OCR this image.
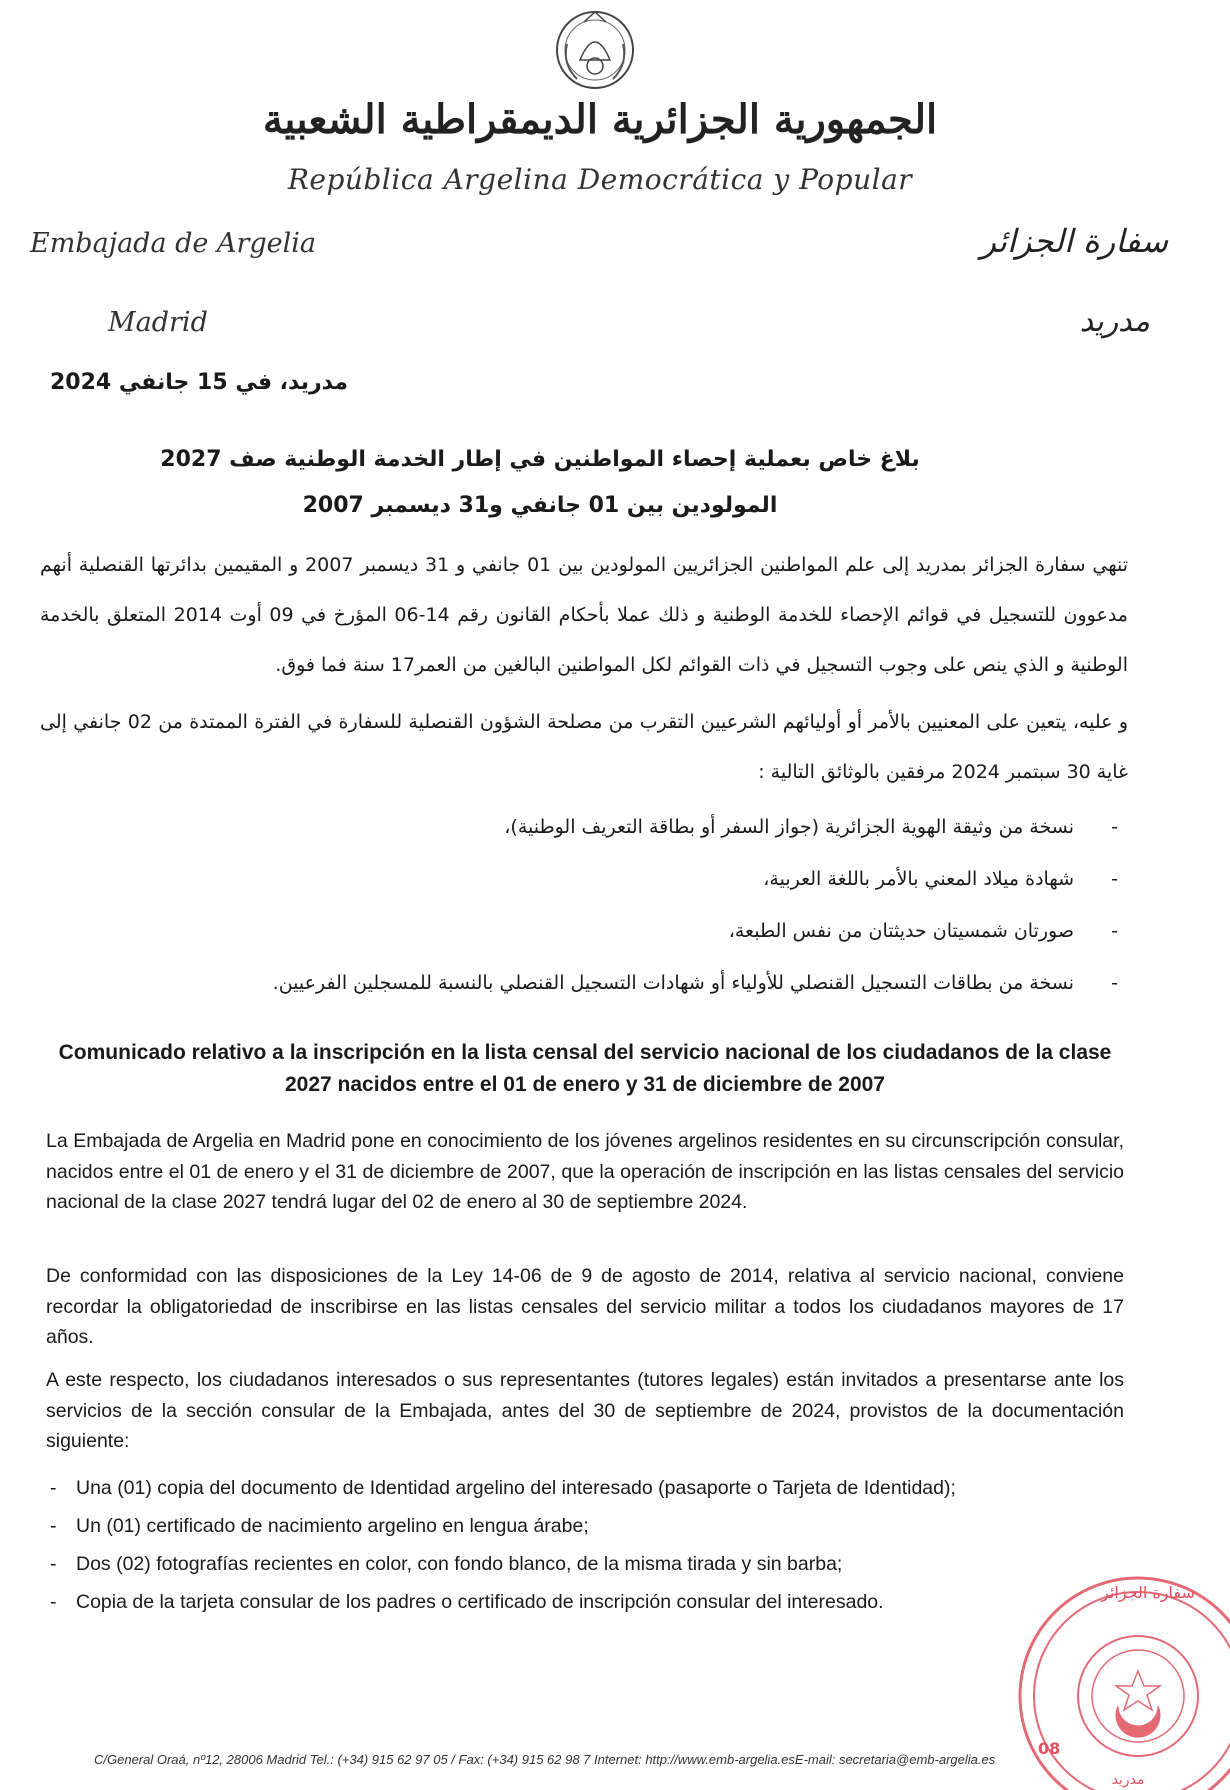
الجمهورية الجزائرية الديمقراطية الشعبية
República Argelina Democrática y Popular
Embajada de Argelia
Madrid
سفارة الجزائر
مدريد
مدريد، في 15 جانفي 2024
بلاغ خاص بعملية إحصاء المواطنين في إطار الخدمة الوطنية صف 2027
المولودين بين 01 جانفي و31 ديسمبر 2007
تنهي سفارة الجزائر بمدريد إلى علم المواطنين الجزائريين المولودين بين 01 جانفي و 31 ديسمبر 2007 و المقيمين بدائرتها القنصلية أنهم مدعوون للتسجيل في قوائم الإحصاء للخدمة الوطنية و ذلك عملا بأحكام القانون رقم 14-06 المؤرخ في 09 أوت 2014 المتعلق بالخدمة الوطنية و الذي ينص على وجوب التسجيل في ذات القوائم لكل المواطنين البالغين من العمر17 سنة فما فوق.
و عليه، يتعين على المعنيين بالأمر أو أوليائهم الشرعيين التقرب من مصلحة الشؤون القنصلية للسفارة في الفترة الممتدة من 02 جانفي إلى غاية 30 سبتمبر 2024 مرفقين بالوثائق التالية :
- نسخة من وثيقة الهوية الجزائرية (جواز السفر أو بطاقة التعريف الوطنية)،
- شهادة ميلاد المعني بالأمر باللغة العربية،
- صورتان شمسيتان حديثتان من نفس الطبعة،
- نسخة من بطاقات التسجيل القنصلي للأولياء أو شهادات التسجيل القنصلي بالنسبة للمسجلين الفرعيين.
Comunicado relativo a la inscripción en la lista censal del servicio nacional de los ciudadanos de la clase 2027 nacidos entre el 01 de enero y 31 de diciembre de 2007

La Embajada de Argelia en Madrid pone en conocimiento de los jóvenes argelinos residentes en su circunscripción consular, nacidos entre el 01 de enero y el 31 de diciembre de 2007, que la operación de inscripción en las listas censales del servicio nacional de la clase 2027 tendrá lugar del 02 de enero al 30 de septiembre 2024.

De conformidad con las disposiciones de la Ley 14-06 de 9 de agosto de 2014, relativa al servicio nacional, conviene recordar la obligatoriedad de inscribirse en las listas censales del servicio militar a todos los ciudadanos mayores de 17 años.

A este respecto, los ciudadanos interesados o sus representantes (tutores legales) están invitados a presentarse ante los servicios de la sección consular de la Embajada, antes del 30 de septiembre de 2024, provistos de la documentación siguiente:

- Una (01) copia del documento de Identidad argelino del interesado (pasaporte o Tarjeta de Identidad);
- Un (01) certificado de nacimiento argelino en lengua árabe;
- Dos (02) fotografías recientes en color, con fondo blanco, de la misma tirada y sin barba;
- Copia de la tarjeta consular de los padres o certificado de inscripción consular del interesado.
08
سفارة الجزائر
مدريد
C/General Oraá, nº12, 28006 Madrid Tel.: (+34) 915 62 97 05 / Fax: (+34) 915 62 98 7 Internet: http://www.emb-argelia.esE-mail: secretaria@emb-argelia.es
